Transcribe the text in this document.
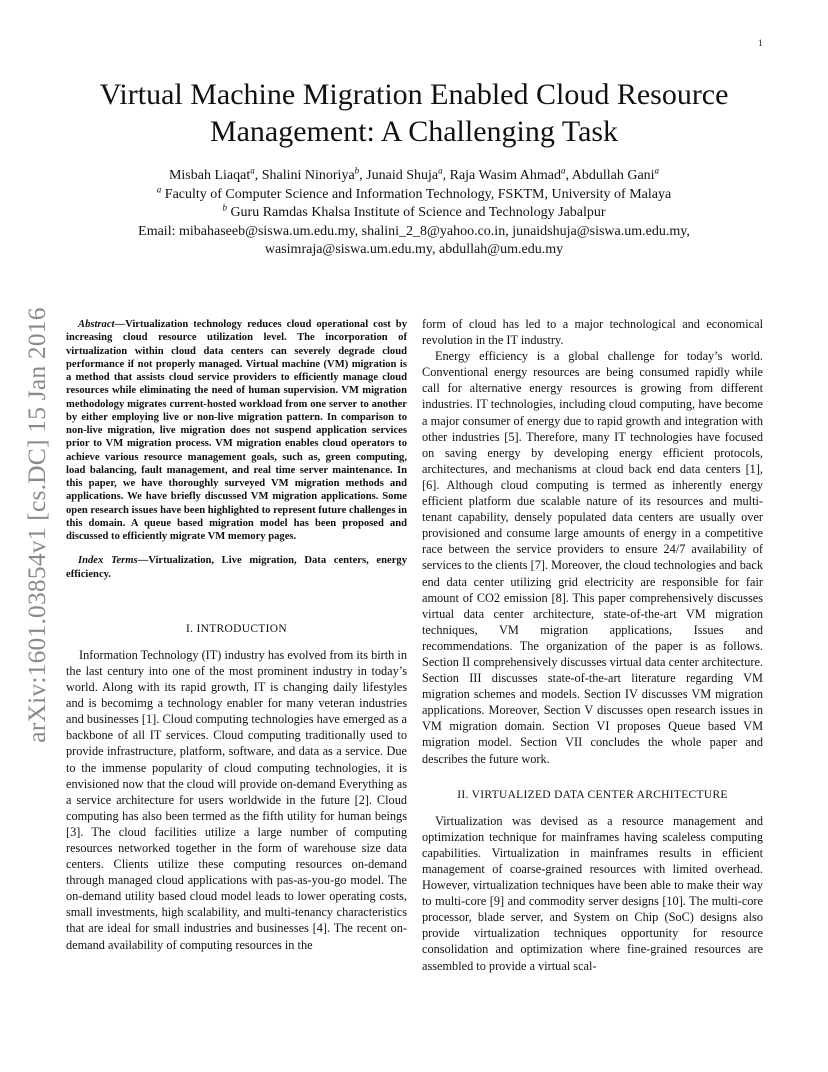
1
arXiv:1601.03854v1 [cs.DC] 15 Jan 2016
Virtual Machine Migration Enabled Cloud Resource
Management: A Challenging Task

Misbah Liaqat$^a$, Shalini Ninoriya$^b$, Junaid Shuja$^a$, Raja Wasim Ahmad$^a$, Abdullah Gani$^a$

$^a$ Faculty of Computer Science and Information Technology, FSKTM, University of Malaya

$^b$ Guru Ramdas Khalsa Institute of Science and Technology Jabalpur

Email: mibahaseeb@siswa.um.edu.my, shalini_2_8@yahoo.co.in, junaidshuja@siswa.um.edu.my,

wasimraja@siswa.um.edu.my, abdullah@um.edu.my

Abstract—Virtualization technology reduces cloud operational cost by increasing cloud resource utilization level. The incorporation of virtualization within cloud data centers can severely degrade cloud performance if not properly managed. Virtual machine (VM) migration is a method that assists cloud service providers to efficiently manage cloud resources while eliminating the need of human supervision. VM migration methodology migrates current-hosted workload from one server to another by either employing live or non-live migration pattern. In comparison to non-live migration, live migration does not suspend application services prior to VM migration process. VM migration enables cloud operators to achieve various resource management goals, such as, green computing, load balancing, fault management, and real time server maintenance. In this paper, we have thoroughly surveyed VM migration methods and applications. We have briefly discussed VM migration applications. Some open research issues have been highlighted to represent future challenges in this domain. A queue based migration model has been proposed and discussed to efficiently migrate VM memory pages.

Index Terms—Virtualization, Live migration, Data centers, energy efficiency.

I. INTRODUCTION

Information Technology (IT) industry has evolved from its birth in the last century into one of the most prominent industry in today’s world. Along with its rapid growth, IT is changing daily lifestyles and is becomimg a technology enabler for many veteran industries and businesses [1]. Cloud computing technologies have emerged as a backbone of all IT services. Cloud computing traditionally used to provide infrastructure, platform, software, and data as a service. Due to the immense popularity of cloud computing technologies, it is envisioned now that the cloud will provide on-demand Everything as a service architecture for users worldwide in the future [2]. Cloud computing has also been termed as the fifth utility for human beings [3]. The cloud facilities utilize a large number of computing resources networked together in the form of warehouse size data centers. Clients utilize these computing resources on-demand through managed cloud applications with pas-as-you-go model. The on-demand utility based cloud model leads to lower operating costs, small investments, high scalability, and multi-tenancy characteristics that are ideal for small industries and businesses [4]. The recent on-demand availability of computing resources in the

form of cloud has led to a major technological and economical revolution in the IT industry.

Energy efficiency is a global challenge for today’s world. Conventional energy resources are being consumed rapidly while call for alternative energy resources is growing from different industries. IT technologies, including cloud computing, have become a major consumer of energy due to rapid growth and integration with other industries [5]. Therefore, many IT technologies have focused on saving energy by developing energy efficient protocols, architectures, and mechanisms at cloud back end data centers [1], [6]. Although cloud computing is termed as inherently energy efficient platform due scalable nature of its resources and multi-tenant capability, densely populated data centers are usually over provisioned and consume large amounts of energy in a competitive race between the service providers to ensure 24/7 availability of services to the clients [7]. Moreover, the cloud technologies and back end data center utilizing grid electricity are responsible for fair amount of CO2 emission [8]. This paper comprehensively discusses virtual data center architecture, state-of-the-art VM migration techniques, VM migration applications, Issues and recommendations. The organization of the paper is as follows. Section II comprehensively discusses virtual data center architecture. Section III discusses state-of-the-art literature regarding VM migration schemes and models. Section IV discusses VM migration applications. Moreover, Section V discusses open research issues in VM migration domain. Section VI proposes Queue based VM migration model. Section VII concludes the whole paper and describes the future work.

II. VIRTUALIZED DATA CENTER ARCHITECTURE

Virtualization was devised as a resource management and optimization technique for mainframes having scaleless computing capabilities. Virtualization in mainframes results in efficient management of coarse-grained resources with limited overhead. However, virtualization techniques have been able to make their way to multi-core [9] and commodity server designs [10]. The multi-core processor, blade server, and System on Chip (SoC) designs also provide virtualization techniques opportunity for resource consolidation and optimization where fine-grained resources are assembled to provide a virtual scal-
